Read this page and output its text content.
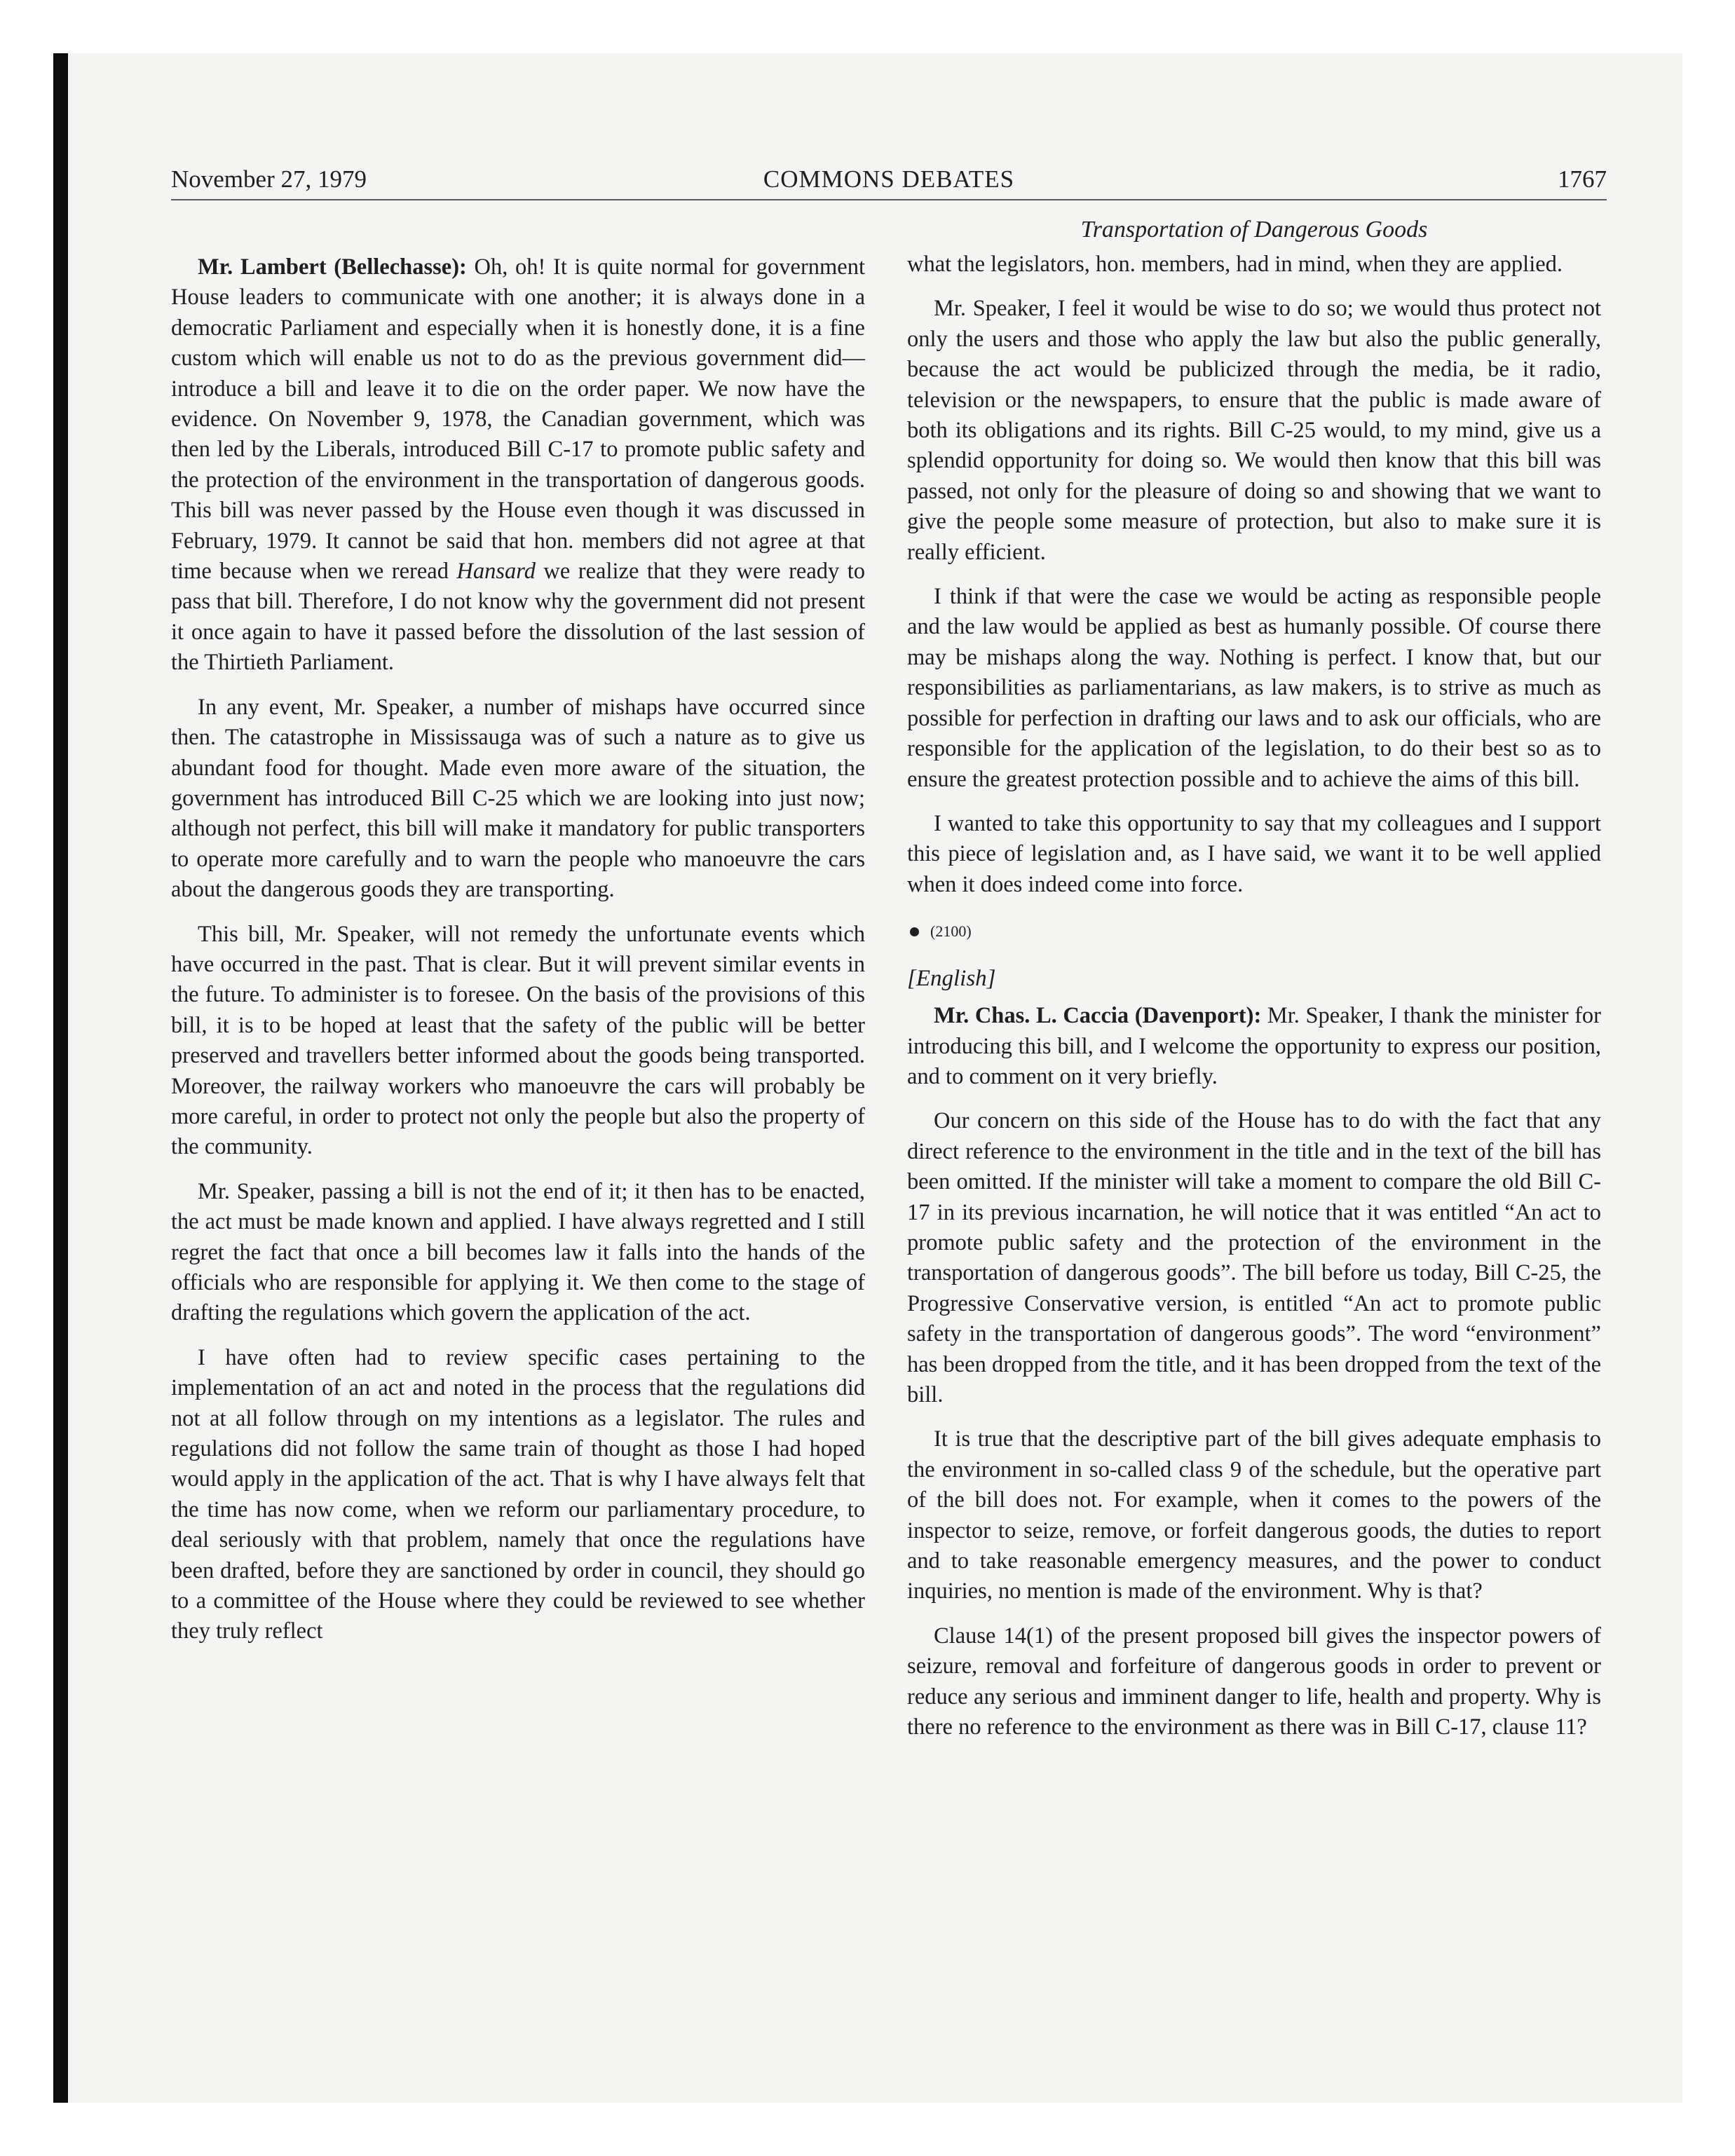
November 27, 1979	COMMONS DEBATES	1767

Mr. Lambert (Bellechasse): Oh, oh! It is quite normal for government House leaders to communicate with one another; it is always done in a democratic Parliament and especially when it is honestly done, it is a fine custom which will enable us not to do as the previous government did—introduce a bill and leave it to die on the order paper. We now have the evidence. On November 9, 1978, the Canadian government, which was then led by the Liberals, introduced Bill C-17 to promote public safety and the protection of the environment in the transportation of dangerous goods. This bill was never passed by the House even though it was discussed in February, 1979. It cannot be said that hon. members did not agree at that time because when we reread Hansard we realize that they were ready to pass that bill. Therefore, I do not know why the government did not present it once again to have it passed before the dissolution of the last session of the Thirtieth Parliament.

In any event, Mr. Speaker, a number of mishaps have occurred since then. The catastrophe in Mississauga was of such a nature as to give us abundant food for thought. Made even more aware of the situation, the government has introduced Bill C-25 which we are looking into just now; although not perfect, this bill will make it mandatory for public transporters to operate more carefully and to warn the people who manoeuvre the cars about the dangerous goods they are transporting.

This bill, Mr. Speaker, will not remedy the unfortunate events which have occurred in the past. That is clear. But it will prevent similar events in the future. To administer is to foresee. On the basis of the provisions of this bill, it is to be hoped at least that the safety of the public will be better preserved and travellers better informed about the goods being transported. Moreover, the railway workers who manoeuvre the cars will probably be more careful, in order to protect not only the people but also the property of the community.

Mr. Speaker, passing a bill is not the end of it; it then has to be enacted, the act must be made known and applied. I have always regretted and I still regret the fact that once a bill becomes law it falls into the hands of the officials who are responsible for applying it. We then come to the stage of drafting the regulations which govern the application of the act.

I have often had to review specific cases pertaining to the implementation of an act and noted in the process that the regulations did not at all follow through on my intentions as a legislator. The rules and regulations did not follow the same train of thought as those I had hoped would apply in the application of the act. That is why I have always felt that the time has now come, when we reform our parliamentary procedure, to deal seriously with that problem, namely that once the regulations have been drafted, before they are sanctioned by order in council, they should go to a committee of the House where they could be reviewed to see whether they truly reflect

Transportation of Dangerous Goods

what the legislators, hon. members, had in mind, when they are applied.

Mr. Speaker, I feel it would be wise to do so; we would thus protect not only the users and those who apply the law but also the public generally, because the act would be publicized through the media, be it radio, television or the newspapers, to ensure that the public is made aware of both its obligations and its rights. Bill C-25 would, to my mind, give us a splendid opportunity for doing so. We would then know that this bill was passed, not only for the pleasure of doing so and showing that we want to give the people some measure of protection, but also to make sure it is really efficient.

I think if that were the case we would be acting as responsible people and the law would be applied as best as humanly possible. Of course there may be mishaps along the way. Nothing is perfect. I know that, but our responsibilities as parliamentarians, as law makers, is to strive as much as possible for perfection in drafting our laws and to ask our officials, who are responsible for the application of the legislation, to do their best so as to ensure the greatest protection possible and to achieve the aims of this bill.

I wanted to take this opportunity to say that my colleagues and I support this piece of legislation and, as I have said, we want it to be well applied when it does indeed come into force.

(2100)
[English]

Mr. Chas. L. Caccia (Davenport): Mr. Speaker, I thank the minister for introducing this bill, and I welcome the opportunity to express our position, and to comment on it very briefly.

Our concern on this side of the House has to do with the fact that any direct reference to the environment in the title and in the text of the bill has been omitted. If the minister will take a moment to compare the old Bill C-17 in its previous incarnation, he will notice that it was entitled “An act to promote public safety and the protection of the environment in the transportation of dangerous goods”. The bill before us today, Bill C-25, the Progressive Conservative version, is entitled “An act to promote public safety in the transportation of dangerous goods”. The word “environment” has been dropped from the title, and it has been dropped from the text of the bill.

It is true that the descriptive part of the bill gives adequate emphasis to the environment in so-called class 9 of the schedule, but the operative part of the bill does not. For example, when it comes to the powers of the inspector to seize, remove, or forfeit dangerous goods, the duties to report and to take reasonable emergency measures, and the power to conduct inquiries, no mention is made of the environment. Why is that?

Clause 14(1) of the present proposed bill gives the inspector powers of seizure, removal and forfeiture of dangerous goods in order to prevent or reduce any serious and imminent danger to life, health and property. Why is there no reference to the environment as there was in Bill C-17, clause 11?
